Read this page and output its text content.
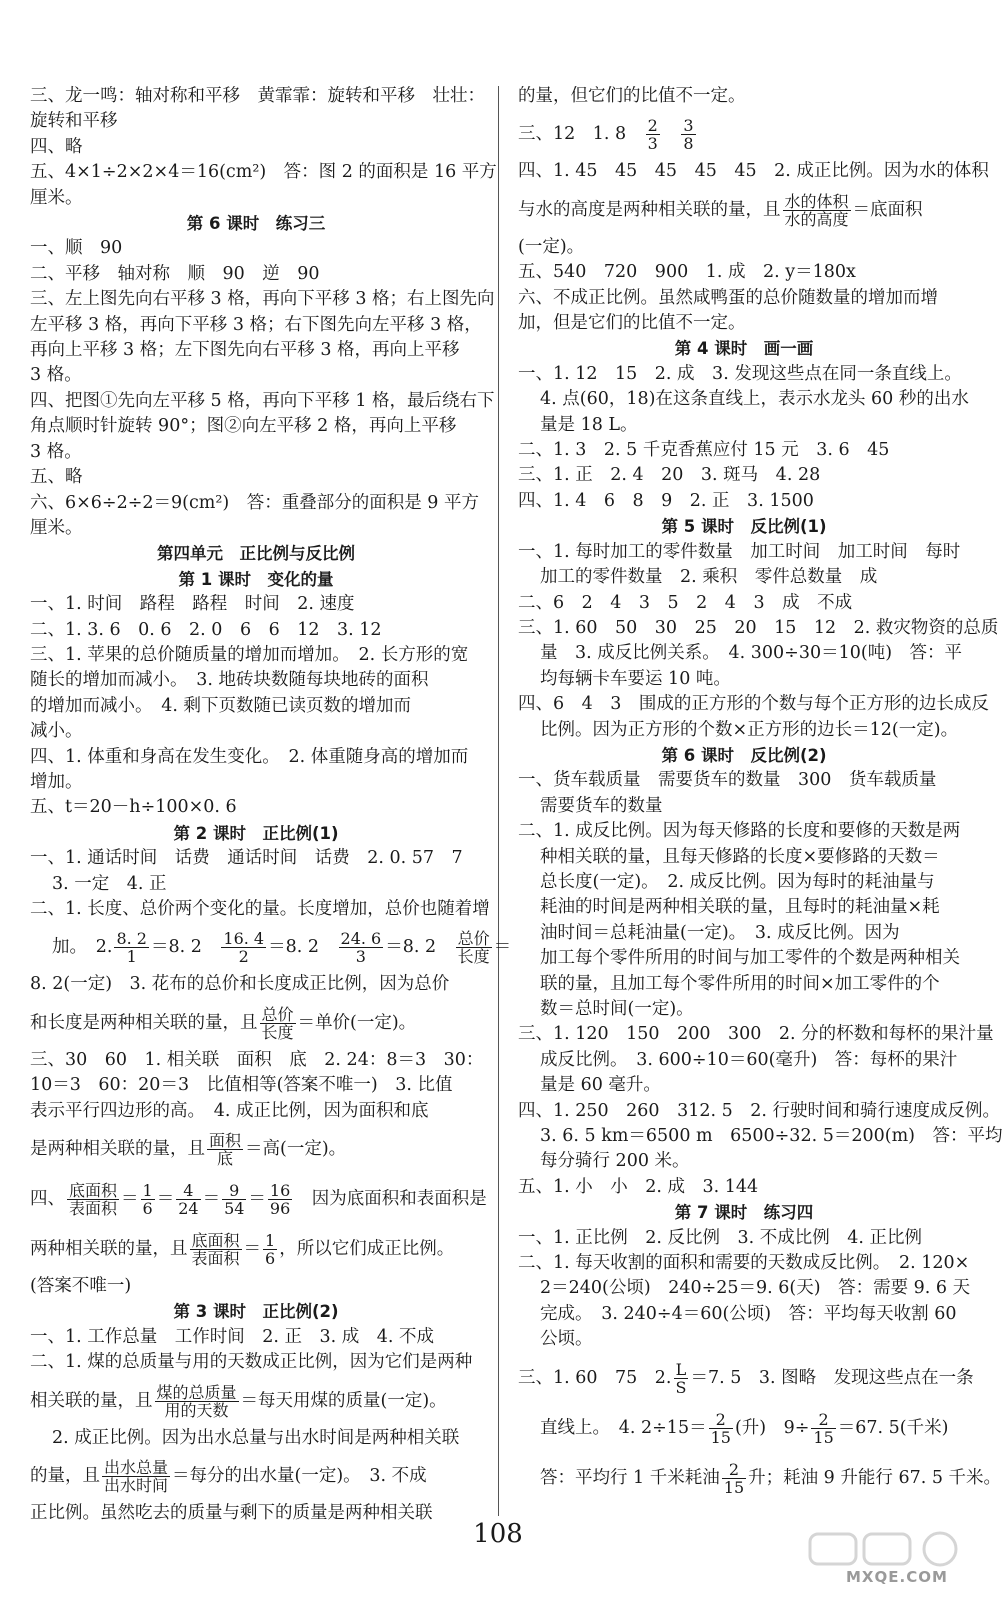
三、龙一鸣：轴对称和平移　黄霏霏：旋转和平移　壮壮：
旋转和平移
四、略
五、4×1÷2×2×4＝16(cm²)　答：图 2 的面积是 16 平方
厘米。
第 6 课时　练习三
一、顺　90
二、平移　轴对称　顺　90　逆　90
三、左上图先向右平移 3 格，再向下平移 3 格；右上图先向
左平移 3 格，再向下平移 3 格；右下图先向左平移 3 格，
再向上平移 3 格；左下图先向右平移 3 格，再向上平移
3 格。
四、把图①先向左平移 5 格，再向下平移 1 格，最后绕右下
角点顺时针旋转 90°；图②向左平移 2 格，再向上平移
3 格。
五、略
六、6×6÷2÷2＝9(cm²)　答：重叠部分的面积是 9 平方
厘米。
第四单元　正比例与反比例
第 1 课时　变化的量
一、1. 时间　路程　路程　时间　2. 速度
二、1. 3. 6　0. 6　2. 0　6　6　12　3. 12
三、1. 苹果的总价随质量的增加而增加。　2. 长方形的宽
随长的增加而减小。　3. 地砖块数随每块地砖的面积
的增加而减小。　4. 剩下页数随已读页数的增加而
减小。
四、1. 体重和身高在发生变化。　2. 体重随身高的增加而
增加。
五、t＝20－h÷100×0. 6
第 2 课时　正比例(1)
一、1. 通话时间　话费　通话时间　话费　2. 0. 57　7
3. 一定　4. 正
二、1. 长度、总价两个变化的量。长度增加，总价也随着增
加。　2. $\frac{8. 2}{1} =8$. 2　 $\frac{16. 4}{2} =8$. 2　 $\frac{24. 6}{3} =8$. 2　 $\frac{\text{总价}}{\text{长度}}$ ＝
8. 2(一定)　3. 花布的总价和长度成正比例，因为总价
和长度是两种相关联的量，且 $\frac{\text{总价}}{\text{长度}}$ ＝单价(一定)。
三、30　60　1. 相关联　面积　底　2. 24：8＝3　30：
10＝3　60：20＝3　比值相等(答案不唯一)　3. 比值
表示平行四边形的高。　4. 成正比例，因为面积和底
是两种相关联的量，且 $\frac{\text{面积}}{\text{底}}$ ＝高(一定)。
四、 $\frac{\text{底面积}}{\text{表面积}} = \frac{1}{6} = \frac{4}{24} = \frac{9}{54} = \frac{16}{96}$ 　因为底面积和表面积是
两种相关联的量，且 $\frac{\text{底面积}}{\text{表面积}} = \frac{1}{6}$ ，所以它们成正比例。
(答案不唯一)
第 3 课时　正比例(2)
一、1. 工作总量　工作时间　2. 正　3. 成　4. 不成
二、1. 煤的总质量与用的天数成正比例，因为它们是两种
相关联的量，且 $\frac{\text{煤的总质量}}{\text{用的天数}}$ ＝每天用煤的质量(一定)。
2. 成正比例。因为出水总量与出水时间是两种相关联
的量，且 $\frac{\text{出水总量}}{\text{出水时间}}$ ＝每分的出水量(一定)。　3. 不成
正比例。虽然吃去的质量与剩下的质量是两种相关联
的量，但它们的比值不一定。
三、12　1. 8　 $\frac{2}{3}$
　 $\frac{3}{8}$
四、1. 45　45　45　45　45　2. 成正比例。因为水的体积
与水的高度是两种相关联的量，且 $\frac{\text{水的体积}}{\text{水的高度}}$ ＝底面积
(一定)。
五、540　720　900　1. 成　2. y＝180x
六、不成正比例。虽然咸鸭蛋的总价随数量的增加而增
加，但是它们的比值不一定。
第 4 课时　画一画
一、1. 12　15　2. 成　3. 发现这些点在同一条直线上。
4. 点(60，18)在这条直线上，表示水龙头 60 秒的出水
量是 18 L。
二、1. 3　2. 5 千克香蕉应付 15 元　3. 6　45
三、1. 正　2. 4　20　3. 斑马　4. 28
四、1. 4　6　8　9　2. 正　3. 1500
第 5 课时　反比例(1)
一、1. 每时加工的零件数量　加工时间　加工时间　每时
加工的零件数量　2. 乘积　零件总数量　成
二、6　2　4　3　5　2　4　3　成　不成
三、1. 60　50　30　25　20　15　12　2. 救灾物资的总质
量　3. 成反比例关系。　4. 300÷30＝10(吨)　答：平
均每辆卡车要运 10 吨。
四、6　4　3　围成的正方形的个数与每个正方形的边长成反
比例。因为正方形的个数×正方形的边长＝12(一定)。
第 6 课时　反比例(2)
一、货车载质量　需要货车的数量　300　货车载质量
需要货车的数量
二、1. 成反比例。因为每天修路的长度和要修的天数是两
种相关联的量，且每天修路的长度×要修路的天数＝
总长度(一定)。　2. 成反比例。因为每时的耗油量与
耗油的时间是两种相关联的量，且每时的耗油量×耗
油时间＝总耗油量(一定)。　3. 成反比例。因为
加工每个零件所用的时间与加工零件的个数是两种相关
联的量，且加工每个零件所用的时间×加工零件的个
数＝总时间(一定)。
三、1. 120　150　200　300　2. 分的杯数和每杯的果汁量
成反比例。　3. 600÷10＝60(毫升)　答：每杯的果汁
量是 60 毫升。
四、1. 250　260　312. 5　2. 行驶时间和骑行速度成反例。
3. 6. 5 km＝6500 m　6500÷32. 5＝200(m)　答：平均
每分骑行 200 米。
五、1. 小　小　2. 成　3. 144
第 7 课时　练习四
一、1. 正比例　2. 反比例　3. 不成比例　4. 正比例
二、1. 每天收割的面积和需要的天数成反比例。　2. 120×
2＝240(公顷)　240÷25＝9. 6(天)　答：需要 9. 6 天
完成。　3. 240÷4＝60(公顷)　答：平均每天收割 60
公顷。
三、1. 60　75　2. $\frac{L}{S} =7$. 5　3. 图略　发现这些点在一条
直线上。　4. $2\div 15= \frac{2}{15}$ (升)　$9\div \frac{2}{15} =67$. 5(千米)
答：平均行 1 千米耗油 $\frac{2}{15}$ 升；耗油 9 升能行 67. 5 千米。
108
MXQE.COM
